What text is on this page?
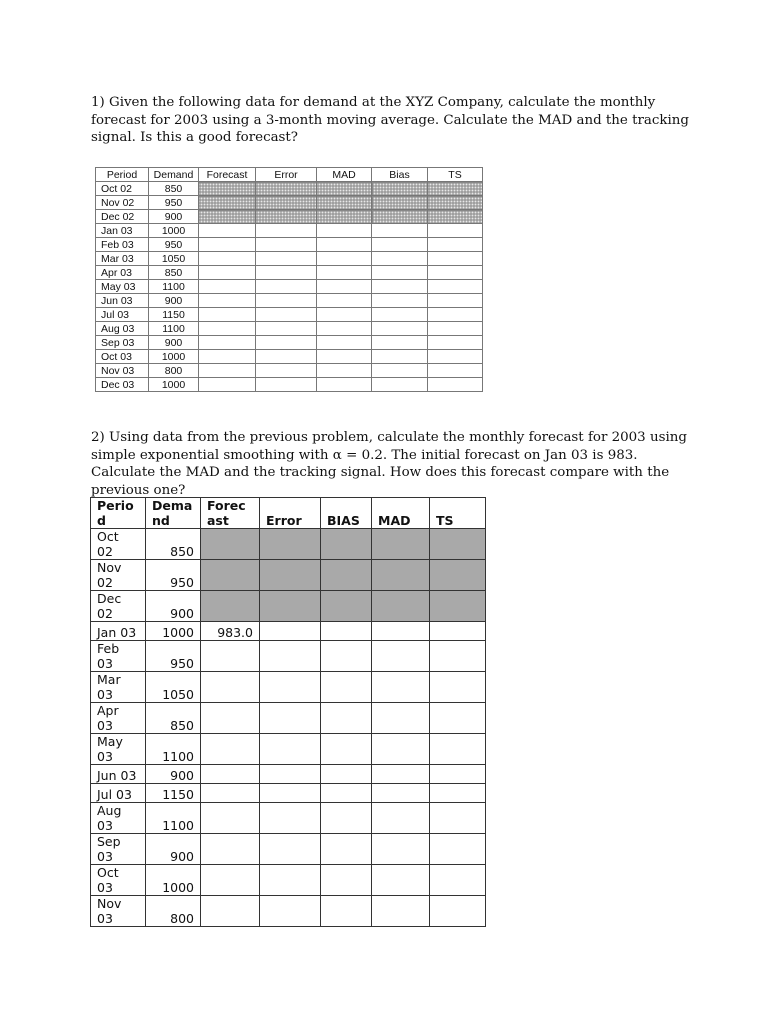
1) Given the following data for demand at the XYZ Company, calculate the monthly forecast for 2003 using a 3-month moving average. Calculate the MAD and the tracking signal. Is this a good forecast?

Period	Demand	Forecast	Error	MAD	Bias	TS
Oct 02	850					
Nov 02	950					
Dec 02	900					
Jan 03	1000					
Feb 03	950					
Mar 03	1050					
Apr 03	850					
May 03	1100					
Jun 03	900					
Jul 03	1150					
Aug 03	1100					
Sep 03	900					
Oct 03	1000					
Nov 03	800					
Dec 03	1000					

2) Using data from the previous problem, calculate the monthly forecast for 2003 using simple exponential smoothing with α = 0.2. The initial forecast on Jan 03 is 983. Calculate the MAD and the tracking signal. How does this forecast compare with the previous one?

Perio
d	Dema
nd	Forec
ast	Error	BIAS	MAD	TS

Oct
02	850					

Nov
02	950					

Dec
02	900					

Jan 03	1000	983.0				

Feb
03	950					

Mar
03	1050					

Apr
03	850					

May
03	1100					

Jun 03	900					

Jul 03	1150					

Aug
03	1100					

Sep
03	900					

Oct
03	1000					

Nov
03	800					
